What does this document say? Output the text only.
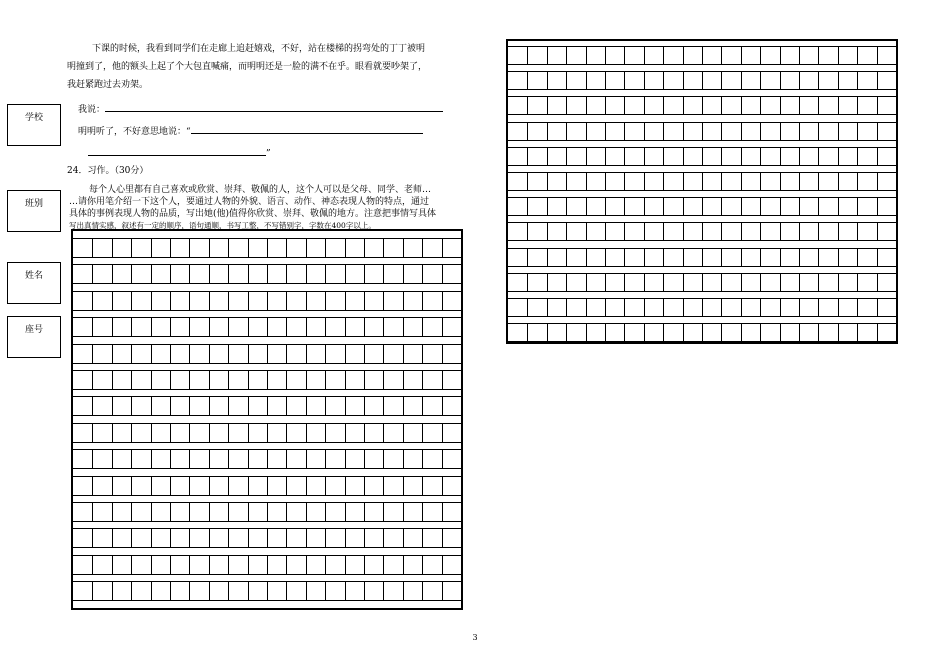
下课的时候，我看到同学们在走廊上追赶嬉戏，不好，站在楼梯的拐弯处的丁丁被明
明撞到了，他的额头上起了个大包直喊痛，而明明还是一脸的满不在乎。眼看就要吵架了，
我赶紧跑过去劝架。
我说：
明明听了，不好意思地说：“
”
24．习作。（30分）
每个人心里都有自己喜欢或欣赏、崇拜、敬佩的人，这个人可以是父母、同学、老师…
…请你用笔介绍一下这个人，要通过人物的外貌、语言、动作、神态表现人物的特点，通过
具体的事例表现人物的品质，写出她(他)值得你欣赏、崇拜、敬佩的地方。注意把事情写具体
写出真情实感，叙述有一定的顺序，语句通顺，书写工整，不写错别字，字数在400字以上。
学校
班别
姓名
座号
3
